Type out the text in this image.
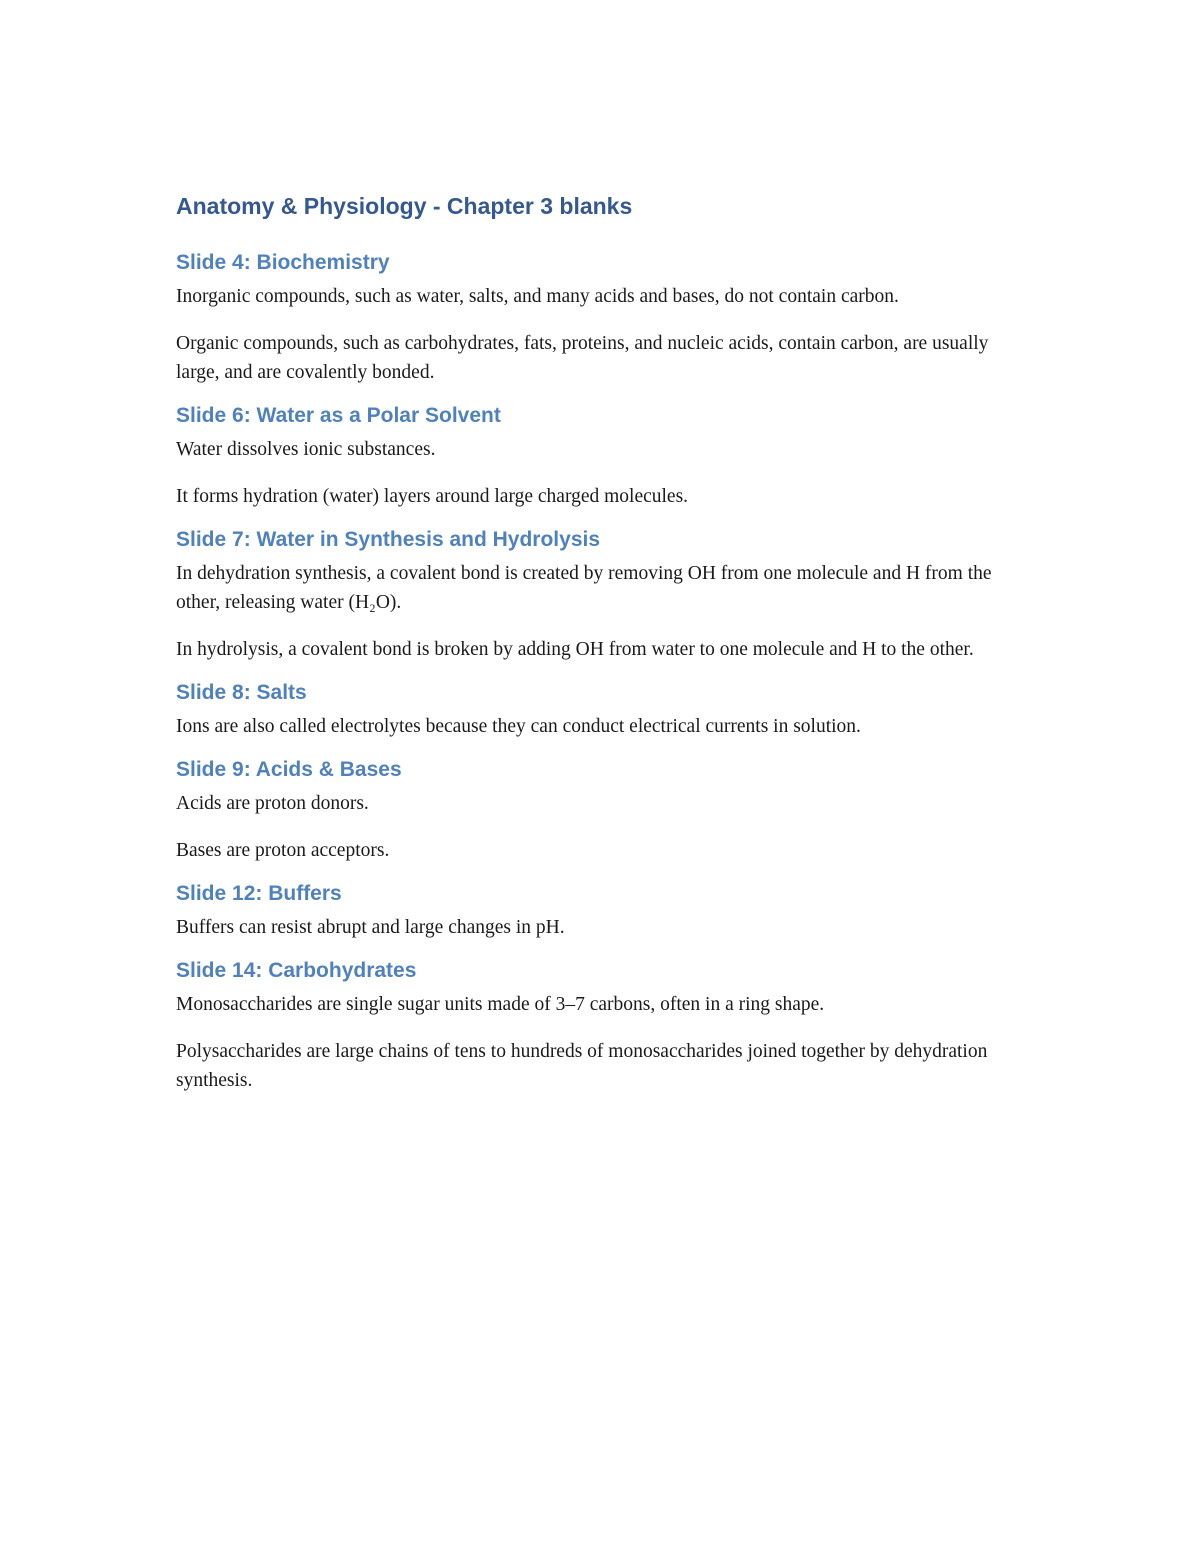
Anatomy & Physiology - Chapter 3 blanks
Slide 4: Biochemistry

Inorganic compounds, such as water, salts, and many acids and bases, do not contain carbon.

Organic compounds, such as carbohydrates, fats, proteins, and nucleic acids, contain carbon, are usually large, and are covalently bonded.

Slide 6: Water as a Polar Solvent

Water dissolves ionic substances.

It forms hydration (water) layers around large charged molecules.

Slide 7: Water in Synthesis and Hydrolysis

In dehydration synthesis, a covalent bond is created by removing OH from one molecule and H from the other, releasing water (H₂O).

In hydrolysis, a covalent bond is broken by adding OH from water to one molecule and H to the other.

Slide 8: Salts

Ions are also called electrolytes because they can conduct electrical currents in solution.

Slide 9: Acids & Bases

Acids are proton donors.

Bases are proton acceptors.

Slide 12: Buffers

Buffers can resist abrupt and large changes in pH.

Slide 14: Carbohydrates

Monosaccharides are single sugar units made of 3–7 carbons, often in a ring shape.

Polysaccharides are large chains of tens to hundreds of monosaccharides joined together by dehydration synthesis.
